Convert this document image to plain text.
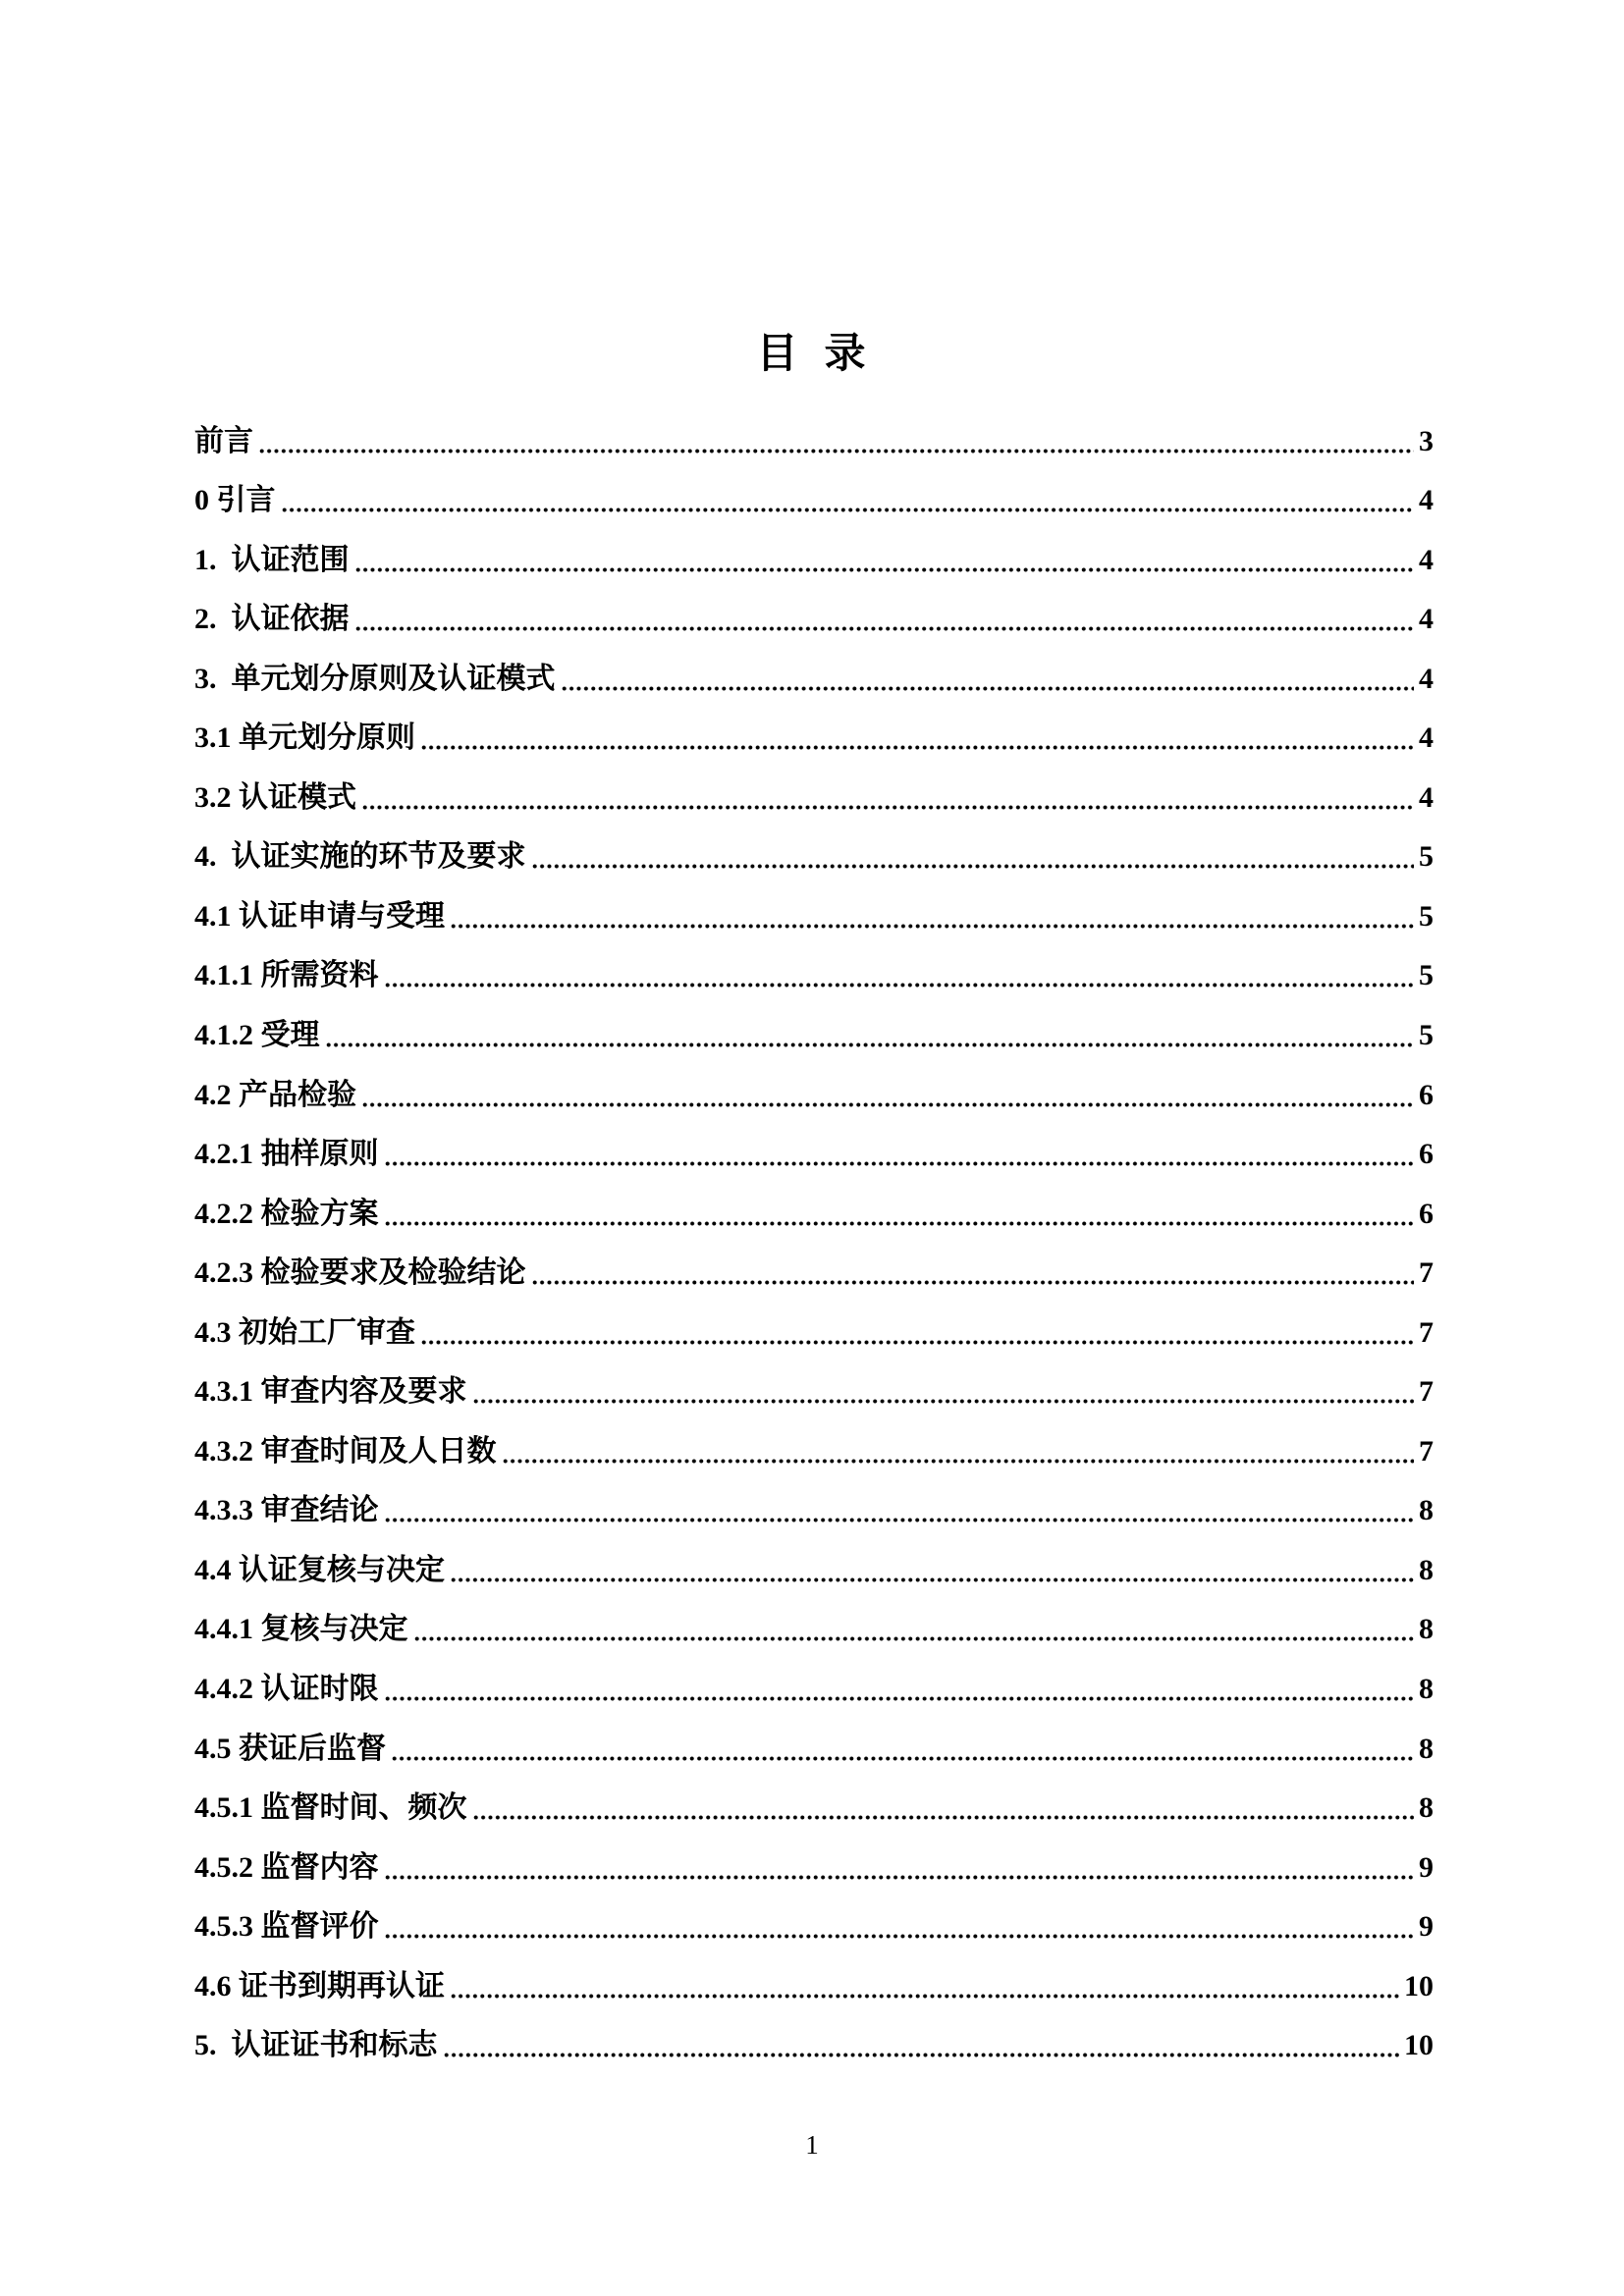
目  录
前言	3
0 引言	4
1.  认证范围	4
2.  认证依据	4
3.  单元划分原则及认证模式	4
3.1 单元划分原则	4
3.2 认证模式	4
4.  认证实施的环节及要求	5
4.1 认证申请与受理	5
4.1.1 所需资料	5
4.1.2 受理	5
4.2 产品检验	6
4.2.1 抽样原则	6
4.2.2 检验方案	6
4.2.3 检验要求及检验结论	7
4.3 初始工厂审查	7
4.3.1 审查内容及要求	7
4.3.2 审查时间及人日数	7
4.3.3 审查结论	8
4.4 认证复核与决定	8
4.4.1 复核与决定	8
4.4.2 认证时限	8
4.5 获证后监督	8
4.5.1 监督时间、频次	8
4.5.2 监督内容	9
4.5.3 监督评价	9
4.6 证书到期再认证	10
5.  认证证书和标志	10
1
